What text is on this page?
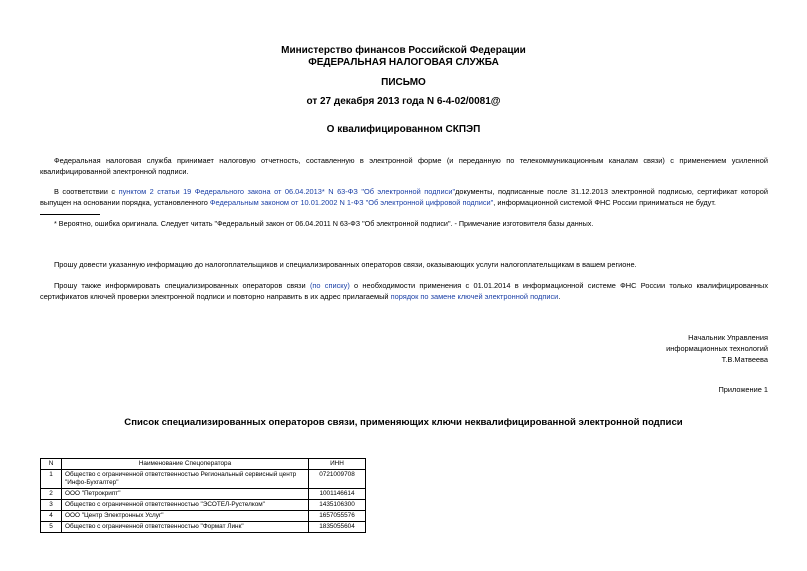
Министерство финансов Российской Федерации
ФЕДЕРАЛЬНАЯ НАЛОГОВАЯ СЛУЖБА
ПИСЬМО
от 27 декабря 2013 года N 6-4-02/0081@
О квалифицированном СКПЭП
Федеральная налоговая служба принимает налоговую отчетность, составленную в электронной форме (и переданную по телекоммуникационным каналам связи) с применением усиленной квалифицированной электронной подписи.
В соответствии с пунктом 2 статьи 19 Федерального закона от 06.04.2013* N 63-ФЗ "Об электронной подписи"документы, подписанные после 31.12.2013 электронной подписью, сертификат которой выпущен на основании порядка, установленного Федеральным законом от 10.01.2002 N 1-ФЗ "Об электронной цифровой подписи", информационной системой ФНС России приниматься не будут.
* Вероятно, ошибка оригинала. Следует читать "Федеральный закон от 06.04.2011 N 63-ФЗ "Об электронной подписи". - Примечание изготовителя базы данных.
Прошу довести указанную информацию до налогоплательщиков и специализированных операторов связи, оказывающих услуги налогоплательщикам в вашем регионе.
Прошу также информировать специализированных операторов связи (по списку) о необходимости применения с 01.01.2014 в информационной системе ФНС России только квалифицированных сертификатов ключей проверки электронной подписи и повторно направить в их адрес прилагаемый порядок по замене ключей электронной подписи.
Начальник Управления
информационных технологий
Т.В.Матвеева
Приложение 1
Список специализированных операторов связи, применяющих ключи неквалифицированной электронной подписи
N	Наименование Спецоператора	ИНН
1	Общество с ограниченной ответственностью Региональный сервисный центр "Инфо-Бухгалтер"	0721009708
2	ООО "Петрокрипт"	1001146614
3	Общество с ограниченной ответственностью "ЭСОТЕЛ-Рустелком"	1435106300
4	ООО "Центр Электронных Услуг"	1657055576
5	Общество с ограниченной ответственностью "Формат Линк"	1835055604
